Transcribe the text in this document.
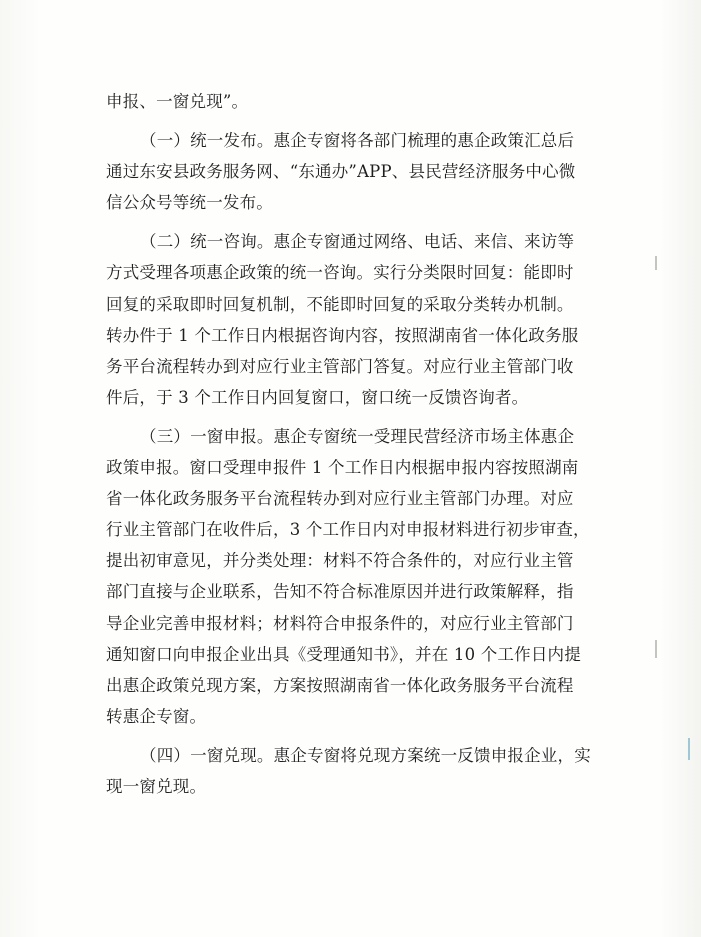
申报、一窗兑现”。
（一）统一发布。惠企专窗将各部门梳理的惠企政策汇总后
通过东安县政务服务网、“东通办”APP、县民营经济服务中心微
信公众号等统一发布。
（二）统一咨询。惠企专窗通过网络、电话、来信、来访等
方式受理各项惠企政策的统一咨询。实行分类限时回复：能即时
回复的采取即时回复机制，不能即时回复的采取分类转办机制。
转办件于 1 个工作日内根据咨询内容，按照湖南省一体化政务服
务平台流程转办到对应行业主管部门答复。对应行业主管部门收
件后，于 3 个工作日内回复窗口，窗口统一反馈咨询者。
（三）一窗申报。惠企专窗统一受理民营经济市场主体惠企
政策申报。窗口受理申报件 1 个工作日内根据申报内容按照湖南
省一体化政务服务平台流程转办到对应行业主管部门办理。对应
行业主管部门在收件后，3 个工作日内对申报材料进行初步审查，
提出初审意见，并分类处理：材料不符合条件的，对应行业主管
部门直接与企业联系，告知不符合标准原因并进行政策解释，指
导企业完善申报材料；材料符合申报条件的，对应行业主管部门
通知窗口向申报企业出具《受理通知书》，并在 10 个工作日内提
出惠企政策兑现方案，方案按照湖南省一体化政务服务平台流程
转惠企专窗。
（四）一窗兑现。惠企专窗将兑现方案统一反馈申报企业，实
现一窗兑现。
